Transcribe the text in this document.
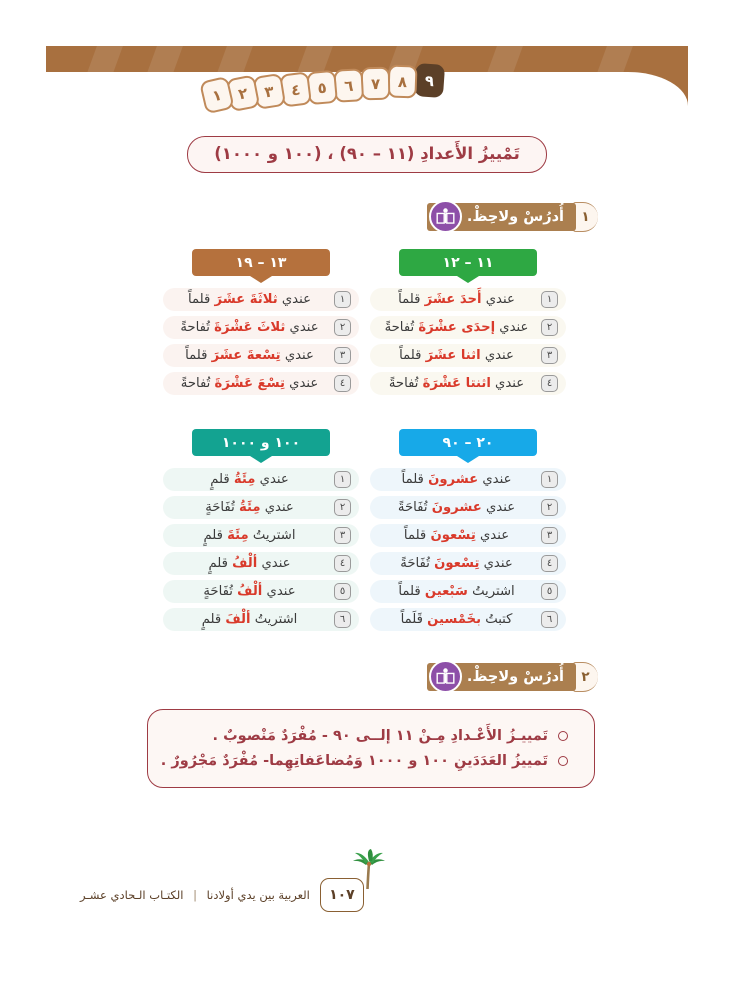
٩
٨
٧
٦
٥
٤
٣
٢
١
تَمْييزُ الأَعدادِ (١١ – ٩٠) ، (١٠٠ و ١٠٠٠)
١
أُدرُسْ ولاحِظْ.
١١ – ١٢
١٣ – ١٩
١
عندي أَحدَ عشَرَ قلماً
٢
عندي إحدَى عشْرَةَ تُفاحةً
٣
عندي اثنا عشَرَ قلماً
٤
عندي اثنتا عَشْرَةَ تُفاحةً
١
عندي ثلاثَةَ عشَرَ قلماً
٢
عندي ثلاثَ عَشْرَةَ تُفاحةً
٣
عندي تِسْعةَ عشَرَ قلماً
٤
عندي تِسْعَ عَشْرَةَ تُفاحةً
٢٠ – ٩٠
١٠٠ و ١٠٠٠
١
عندي عشرونَ قلماً
٢
عندي عشرونَ تُفَاحَةً
٣
عندي تِسْعونَ قلماً
٤
عندي تِسْعونَ تُفَاحَةً
٥
اشتريتُ سَبْعين قلماً
٦
كتبتُ بخَمْسين قَلَماً
١
عندي مِئَةُ قلمٍ
٢
عندي مِئَةُ تُفَاحَةٍ
٣
اشتريتُ مِئَةَ قلمٍ
٤
عندي ألْفُ قلمٍ
٥
عندي ألْفُ تُفَاحَةٍ
٦
اشتريتُ ألْفَ قلمٍ
٢
أُدرُسْ ولاحِظْ.
تَمييـزُ الأَعْـدادِ مِـنْ ١١ إلــى ٩٠ - مُفْرَدٌ مَنْصوبٌ .
تَمييزُ العَدَدَينِ ١٠٠ و ١٠٠٠ وَمُضاعَفاتِهِما- مُفْرَدٌ مَجْرُورٌ .
١٠٧
العربية بين يدي أولادنا | الكتـاب الـحادي عشـر
